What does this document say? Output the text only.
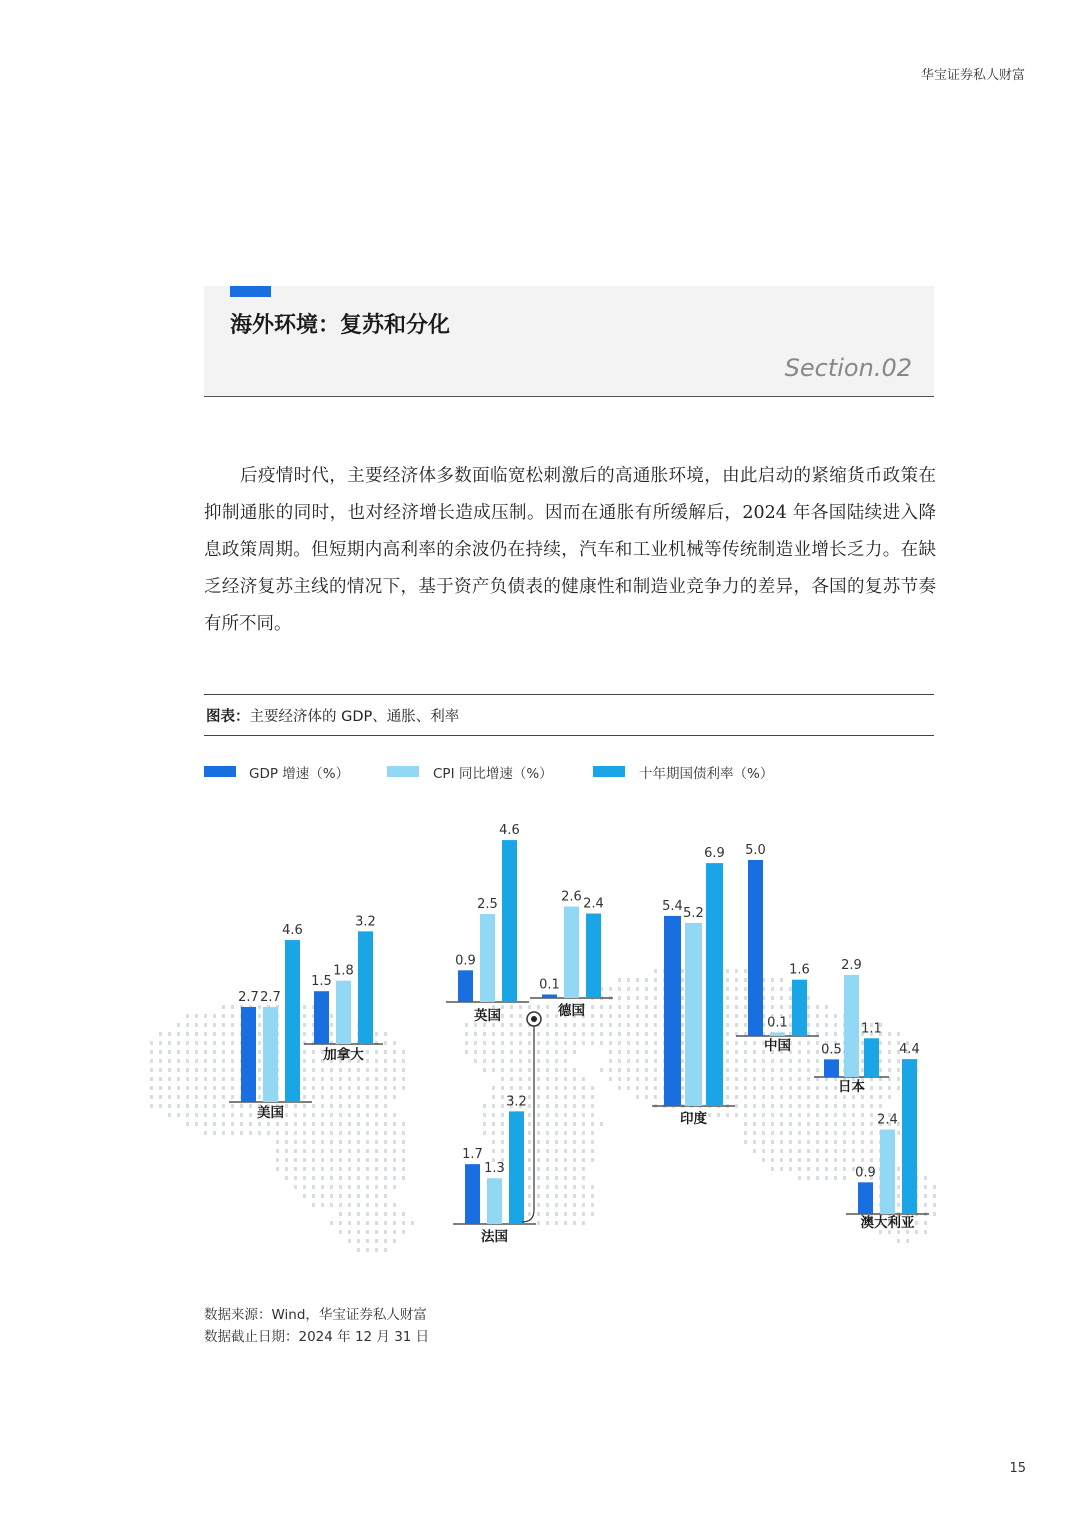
华宝证券私人财富
海外环境：复苏和分化
Section.02
后疫情时代，主要经济体多数面临宽松刺激后的高通胀环境，由此启动的紧缩货币政策在抑制通胀的同时，也对经济增长造成压制。因而在通胀有所缓解后，2024 年各国陆续进入降息政策周期。但短期内高利率的余波仍在持续，汽车和工业机械等传统制造业增长乏力。在缺乏经济复苏主线的情况下，基于资产负债表的健康性和制造业竞争力的差异，各国的复苏节奏有所不同。
图表：主要经济体的 GDP、通胀、利率
GDP 增速（%）	CPI 同比增速（%）	十年期国债利率（%）
2.7 2.7
4.6
美国
1.5
1.8
3.2
加拿大
0.9
2.5
4.6
英国
0.1
2.6 2.4
德国
1.7
1.3
3.2
法国
5.4 5.2
6.9
印度
5.0
0.1
1.6
中国 0.5
2.9
1.1
日本
0.9
2.4
4.4
澳大利亚
数据来源：Wind，华宝证券私人财富
数据截止日期：2024 年 12 月 31 日
15
